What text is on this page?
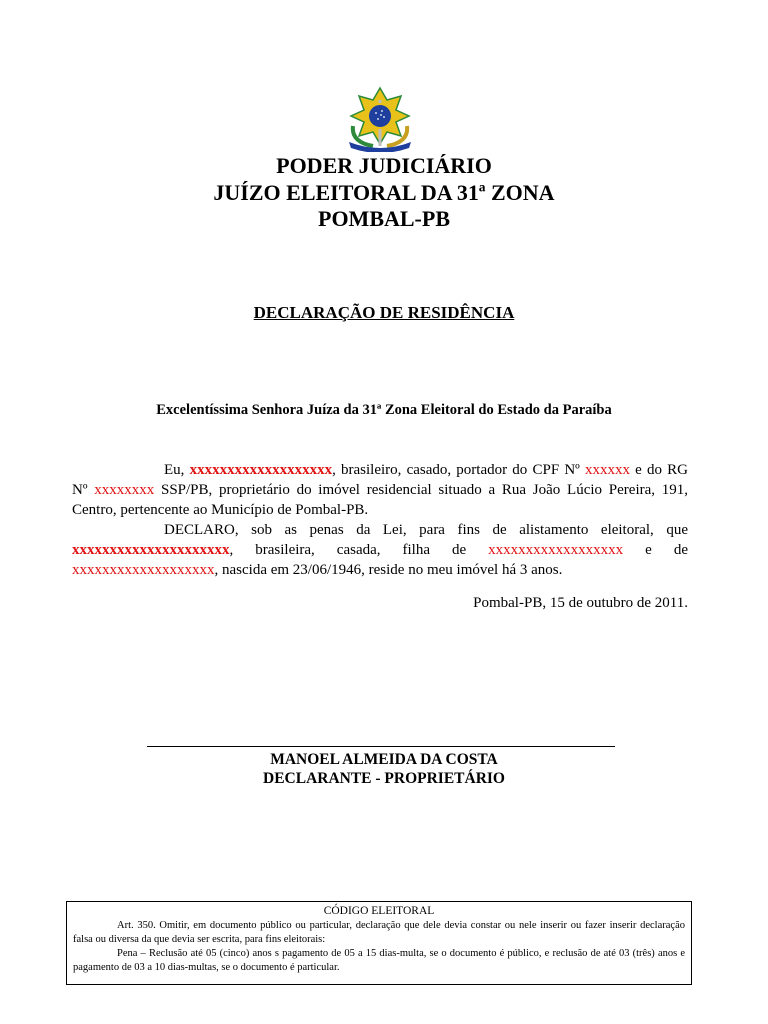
PODER JUDICIÁRIO
JUÍZO ELEITORAL DA 31ª ZONA
POMBAL-PB
DECLARAÇÃO DE RESIDÊNCIA
Excelentíssima Senhora Juíza da 31ª Zona Eleitoral do Estado da Paraíba

Eu, xxxxxxxxxxxxxxxxxxx, brasileiro, casado, portador do CPF Nº xxxxxx e do RG Nº xxxxxxxx SSP/PB, proprietário do imóvel residencial situado a Rua João Lúcio Pereira, 191, Centro, pertencente ao Município de Pombal-PB.

DECLARO, sob as penas da Lei, para fins de alistamento eleitoral, que xxxxxxxxxxxxxxxxxxxxx, brasileira, casada, filha de xxxxxxxxxxxxxxxxxx e de xxxxxxxxxxxxxxxxxxx, nascida em 23/06/1946, reside no meu imóvel há 3 anos.

Pombal-PB, 15 de outubro de 2011.
MANOEL ALMEIDA DA COSTA
DECLARANTE - PROPRIETÁRIO
CÓDIGO ELEITORAL

Art. 350. Omitir, em documento público ou particular, declaração que dele devia constar ou nele inserir ou fazer inserir declaração falsa ou diversa da que devia ser escrita, para fins eleitorais:

Pena – Reclusão até 05 (cinco) anos s pagamento de 05 a 15 dias-multa, se o documento é público, e reclusão de até 03 (três) anos e pagamento de 03 a 10 dias-multas, se o documento é particular.
